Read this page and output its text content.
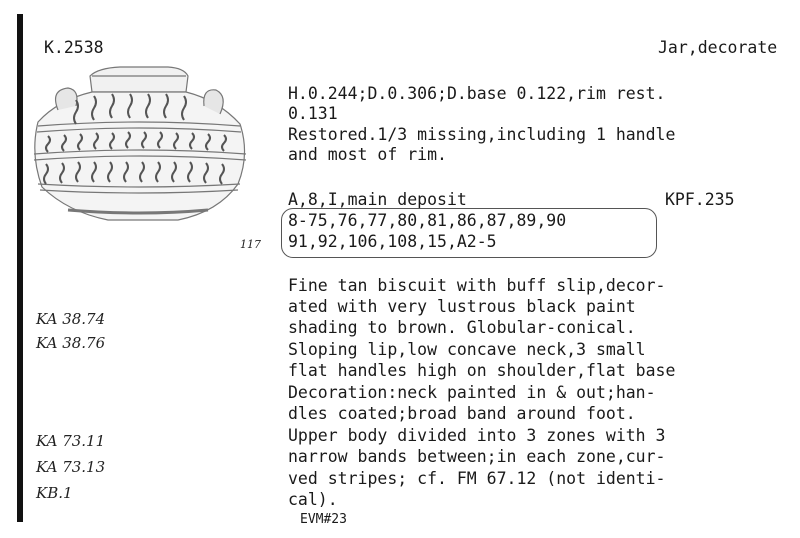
K.2538	Jar,decorate
H.0.244;D.0.306;D.base 0.122,rim rest.
0.131
Restored.1/3 missing,including 1 handle
and most of rim.
A,8,I,main deposit	KPF.235
8-75,76,77,80,81,86,87,89,90
91,92,106,108,15,A2-5
117
Fine tan biscuit with buff slip,decor-
ated with very lustrous black paint
shading to brown. Globular-conical.
Sloping lip,low concave neck,3 small
flat handles high on shoulder,flat base
Decoration:neck painted in & out;han-
dles coated;broad band around foot.
Upper body divided into 3 zones with 3
narrow bands between;in each zone,cur-
ved stripes; cf. FM 67.12 (not identi-
cal).
EVM#23
KA 38.74
KA 38.76
KA 73.11
KA 73.13
KB.1
